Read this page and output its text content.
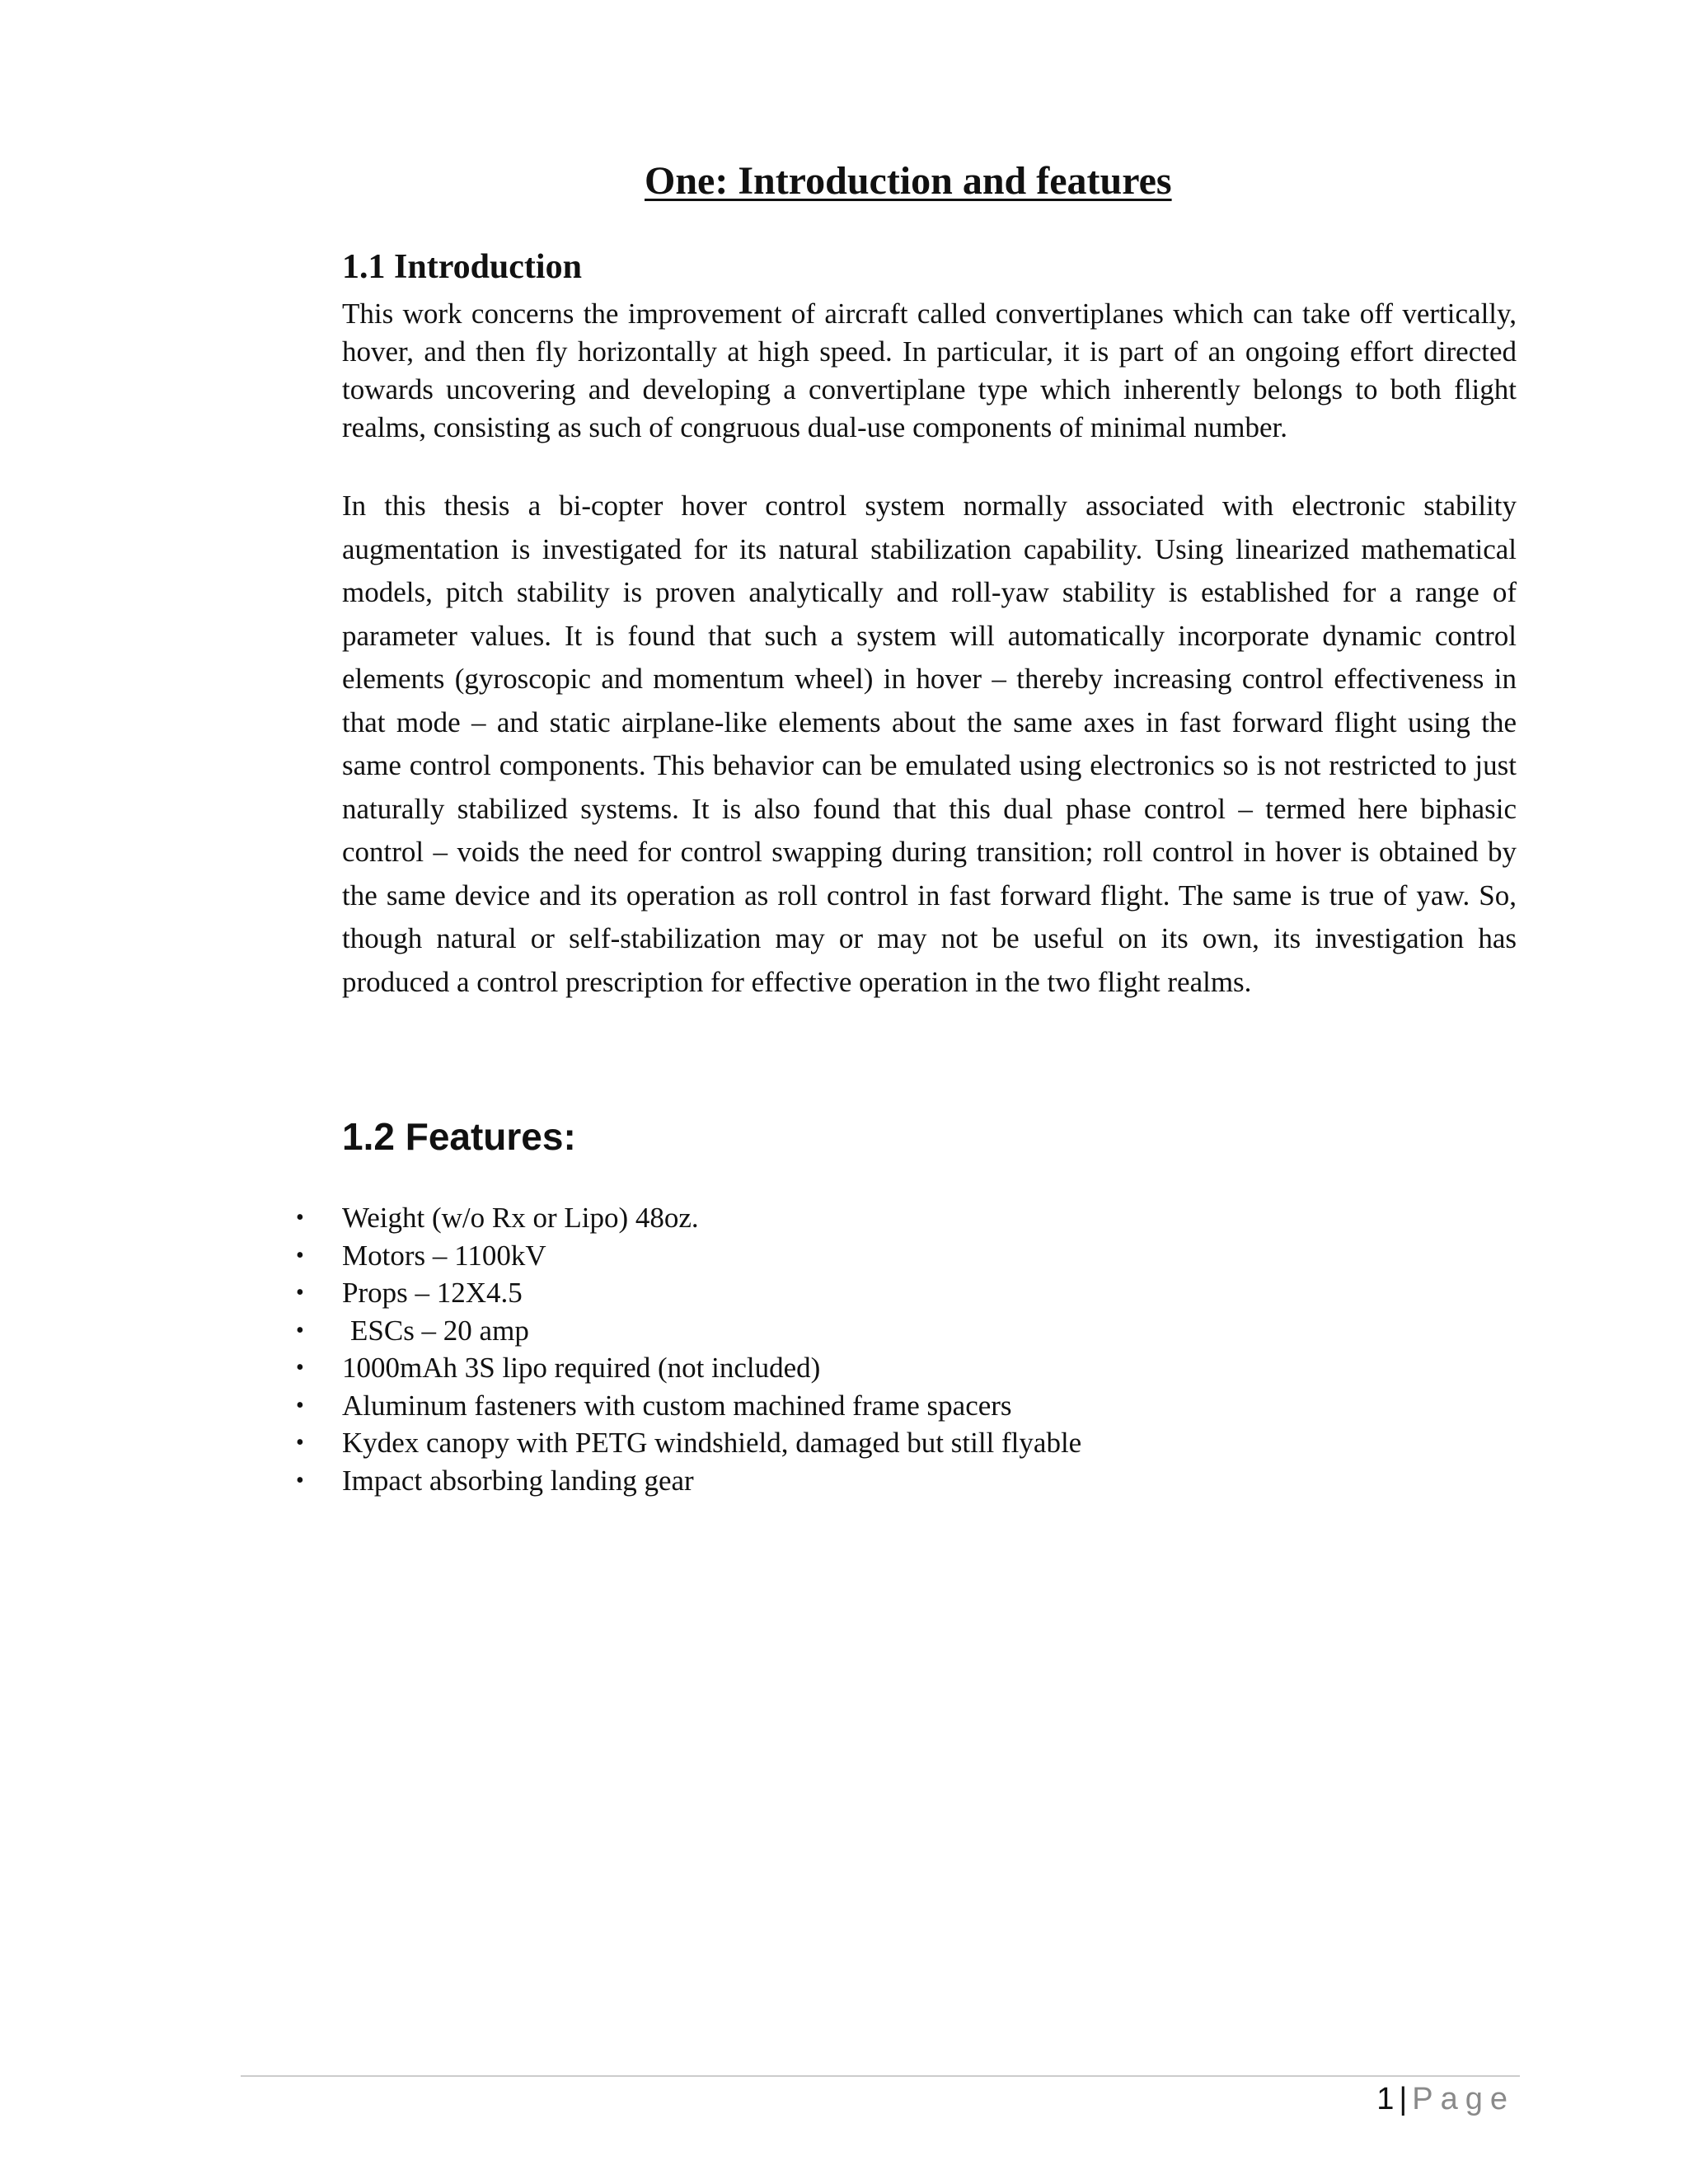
One: Introduction and features
1.1 Introduction

This work concerns the improvement of aircraft called convertiplanes which can take off vertically, hover, and then fly horizontally at high speed. In particular, it is part of an ongoing effort directed towards uncovering and developing a convertiplane type which inherently belongs to both flight realms, consisting as such of congruous dual-use components of minimal number.

In this thesis a bi-copter hover control system normally associated with electronic stability augmentation is investigated for its natural stabilization capability. Using linearized mathematical models, pitch stability is proven analytically and roll-yaw stability is established for a range of parameter values. It is found that such a system will automatically incorporate dynamic control elements (gyroscopic and momentum wheel) in hover – thereby increasing control effectiveness in that mode – and static airplane-like elements about the same axes in fast forward flight using the same control components. This behavior can be emulated using electronics so is not restricted to just naturally stabilized systems. It is also found that this dual phase control – termed here biphasic control – voids the need for control swapping during transition; roll control in hover is obtained by the same device and its operation as roll control in fast forward flight. The same is true of yaw. So, though natural or self-stabilization may or may not be useful on its own, its investigation has produced a control prescription for effective operation in the two flight realms.

1.2 Features:
• Weight (w/o Rx or Lipo) 48oz.
• Motors – 1100kV
• Props – 12X4.5
• ESCs – 20 amp
• 1000mAh 3S lipo required (not included)
• Aluminum fasteners with custom machined frame spacers
• Kydex canopy with PETG windshield, damaged but still flyable
• Impact absorbing landing gear
1 | Page
